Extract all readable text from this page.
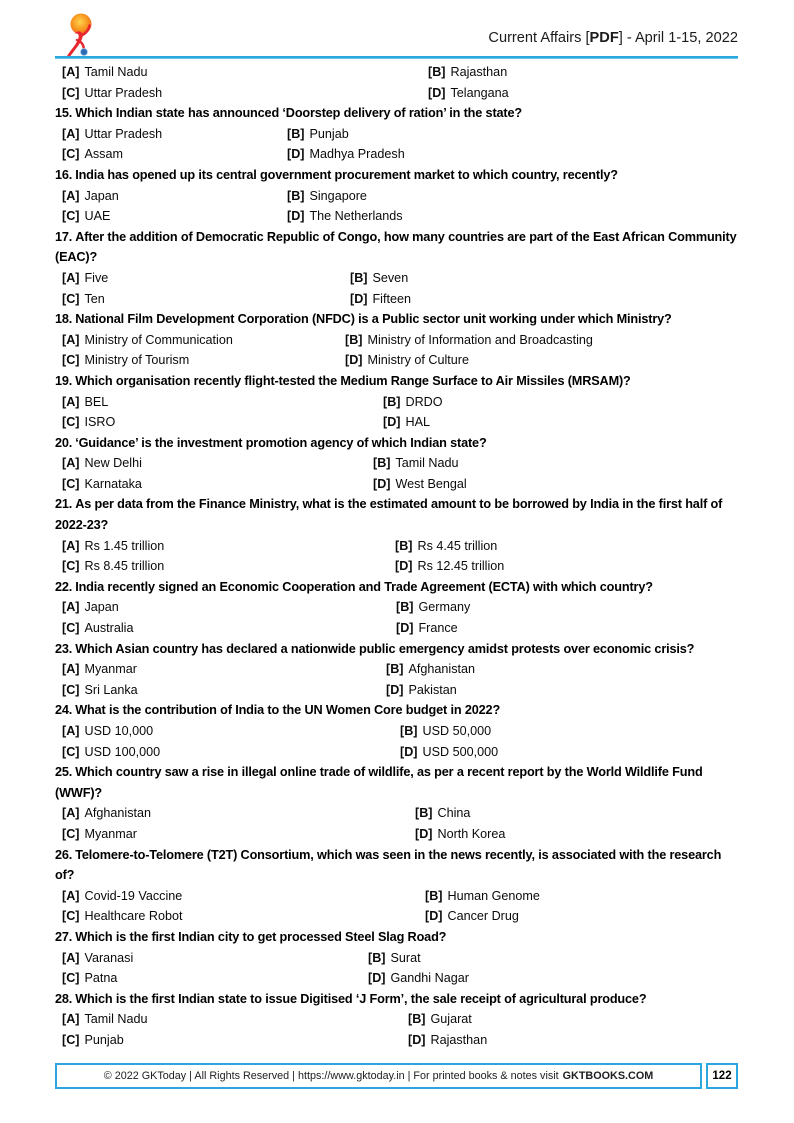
Current Affairs [PDF] - April 1-15, 2022
[A] Tamil Nadu	[B] Rajasthan
[C] Uttar Pradesh	[D] Telangana

15. Which Indian state has announced ‘Doorstep delivery of ration’ in the state?

[A] Uttar Pradesh	[B] Punjab
[C] Assam	[D] Madhya Pradesh

16. India has opened up its central government procurement market to which country, recently?

[A] Japan	[B] Singapore
[C] UAE	[D] The Netherlands

17. After the addition of Democratic Republic of Congo, how many countries are part of the East African Community (EAC)?

[A] Five	[B] Seven
[C] Ten	[D] Fifteen

18. National Film Development Corporation (NFDC) is a Public sector unit working under which Ministry?

[A] Ministry of Communication	[B] Ministry of Information and Broadcasting
[C] Ministry of Tourism	[D] Ministry of Culture

19. Which organisation recently flight-tested the Medium Range Surface to Air Missiles (MRSAM)?

[A] BEL	[B] DRDO
[C] ISRO	[D] HAL

20. ‘Guidance’ is the investment promotion agency of which Indian state?

[A] New Delhi	[B] Tamil Nadu
[C] Karnataka	[D] West Bengal

21. As per data from the Finance Ministry, what is the estimated amount to be borrowed by India in the first half of 2022-23?

[A] Rs 1.45 trillion	[B] Rs 4.45 trillion
[C] Rs 8.45 trillion	[D] Rs 12.45 trillion

22. India recently signed an Economic Cooperation and Trade Agreement (ECTA) with which country?

[A] Japan	[B] Germany
[C] Australia	[D] France

23. Which Asian country has declared a nationwide public emergency amidst protests over economic crisis?

[A] Myanmar	[B] Afghanistan
[C] Sri Lanka	[D] Pakistan

24. What is the contribution of India to the UN Women Core budget in 2022?

[A] USD 10,000	[B] USD 50,000
[C] USD 100,000	[D] USD 500,000

25. Which country saw a rise in illegal online trade of wildlife, as per a recent report by the World Wildlife Fund (WWF)?

[A] Afghanistan	[B] China
[C] Myanmar	[D] North Korea

26. Telomere-to-Telomere (T2T) Consortium, which was seen in the news recently, is associated with the research of?

[A] Covid-19 Vaccine	[B] Human Genome
[C] Healthcare Robot	[D] Cancer Drug

27. Which is the first Indian city to get processed Steel Slag Road?

[A] Varanasi	[B] Surat
[C] Patna	[D] Gandhi Nagar

28. Which is the first Indian state to issue Digitised ‘J Form’, the sale receipt of agricultural produce?

[A] Tamil Nadu	[B] Gujarat
[C] Punjab	[D] Rajasthan
© 2022 GKToday | All Rights Reserved | https://www.gktoday.in | For printed books & notes visit GKTBOOKS.COM	122
